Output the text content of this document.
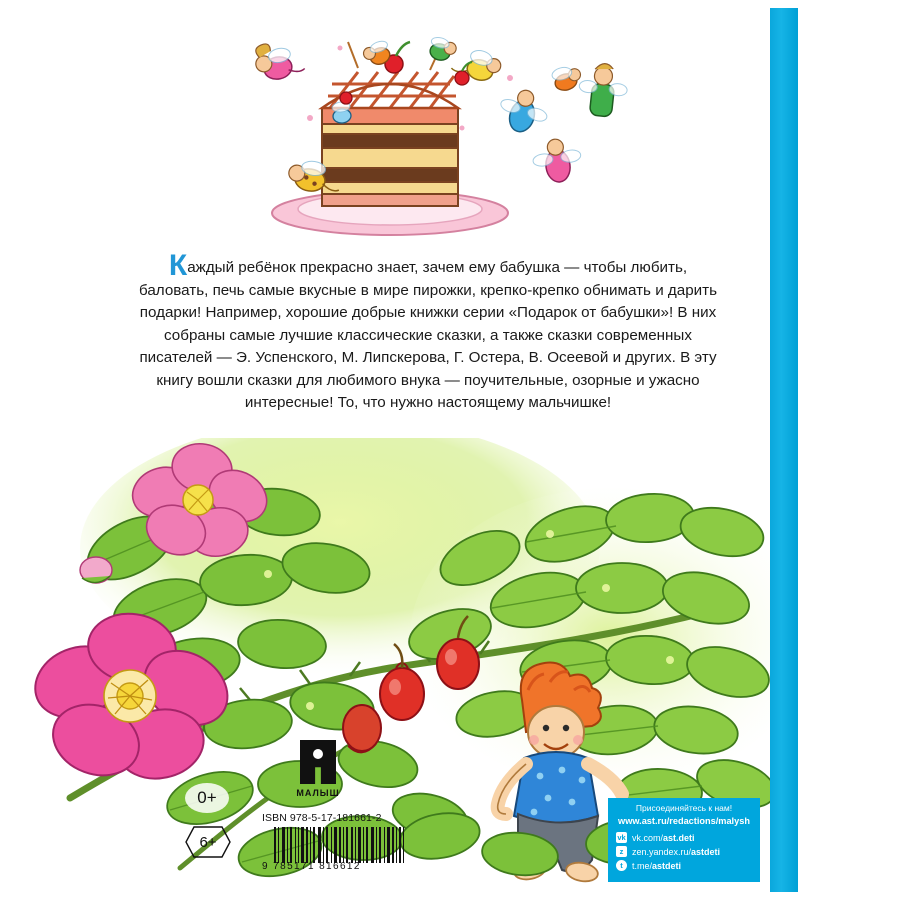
Каждый ребёнок прекрасно знает, зачем ему бабушка — чтобы любить, баловать, печь самые вкусные в мире пирожки, крепко-крепко обнимать и дарить подарки! Например, хорошие добрые книжки серии «Подарок от бабушки»! В них собраны самые лучшие классические сказки, а также сказки современных писателей — Э. Успенского, М. Липскерова, Г. Остера, В. Осеевой и других. В эту книгу вошли сказки для любимого внука — поучительные, озорные и ужасно интересные! То, что нужно настоящему мальчишке!

0+
6+
МАЛЫШ
ISBN 978-5-17-181661-2
9 785171 816612
Присоединяйтесь к нам!
www.ast.ru/redactions/malysh
vk vk.com/ast.deti
z zen.yandex.ru/astdeti
t	t.me/astdeti
